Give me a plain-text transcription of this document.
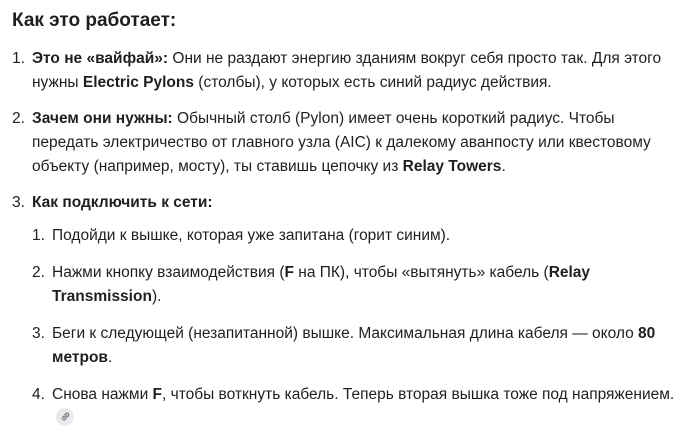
Как это работает:
1. Это не «вайфай»: Они не раздают энергию зданиям вокруг себя просто так. Для этого нужны Electric Pylons (столбы), у которых есть синий радиус действия.
2. Зачем они нужны: Обычный столб (Pylon) имеет очень короткий радиус. Чтобы передать электричество от главного узла (AIC) к далекому аванпосту или квестовому объекту (например, мосту), ты ставишь цепочку из Relay Towers.
3. Как подключить к сети:
1. Подойди к вышке, которая уже запитана (горит синим).
2. Нажми кнопку взаимодействия (F на ПК), чтобы «вытянуть» кабель (Relay Transmission).
3. Беги к следующей (незапитанной) вышке. Максимальная длина кабеля — около 80 метров.
4. Снова нажми F, чтобы воткнуть кабель. Теперь вторая вышка тоже под напряжением.
